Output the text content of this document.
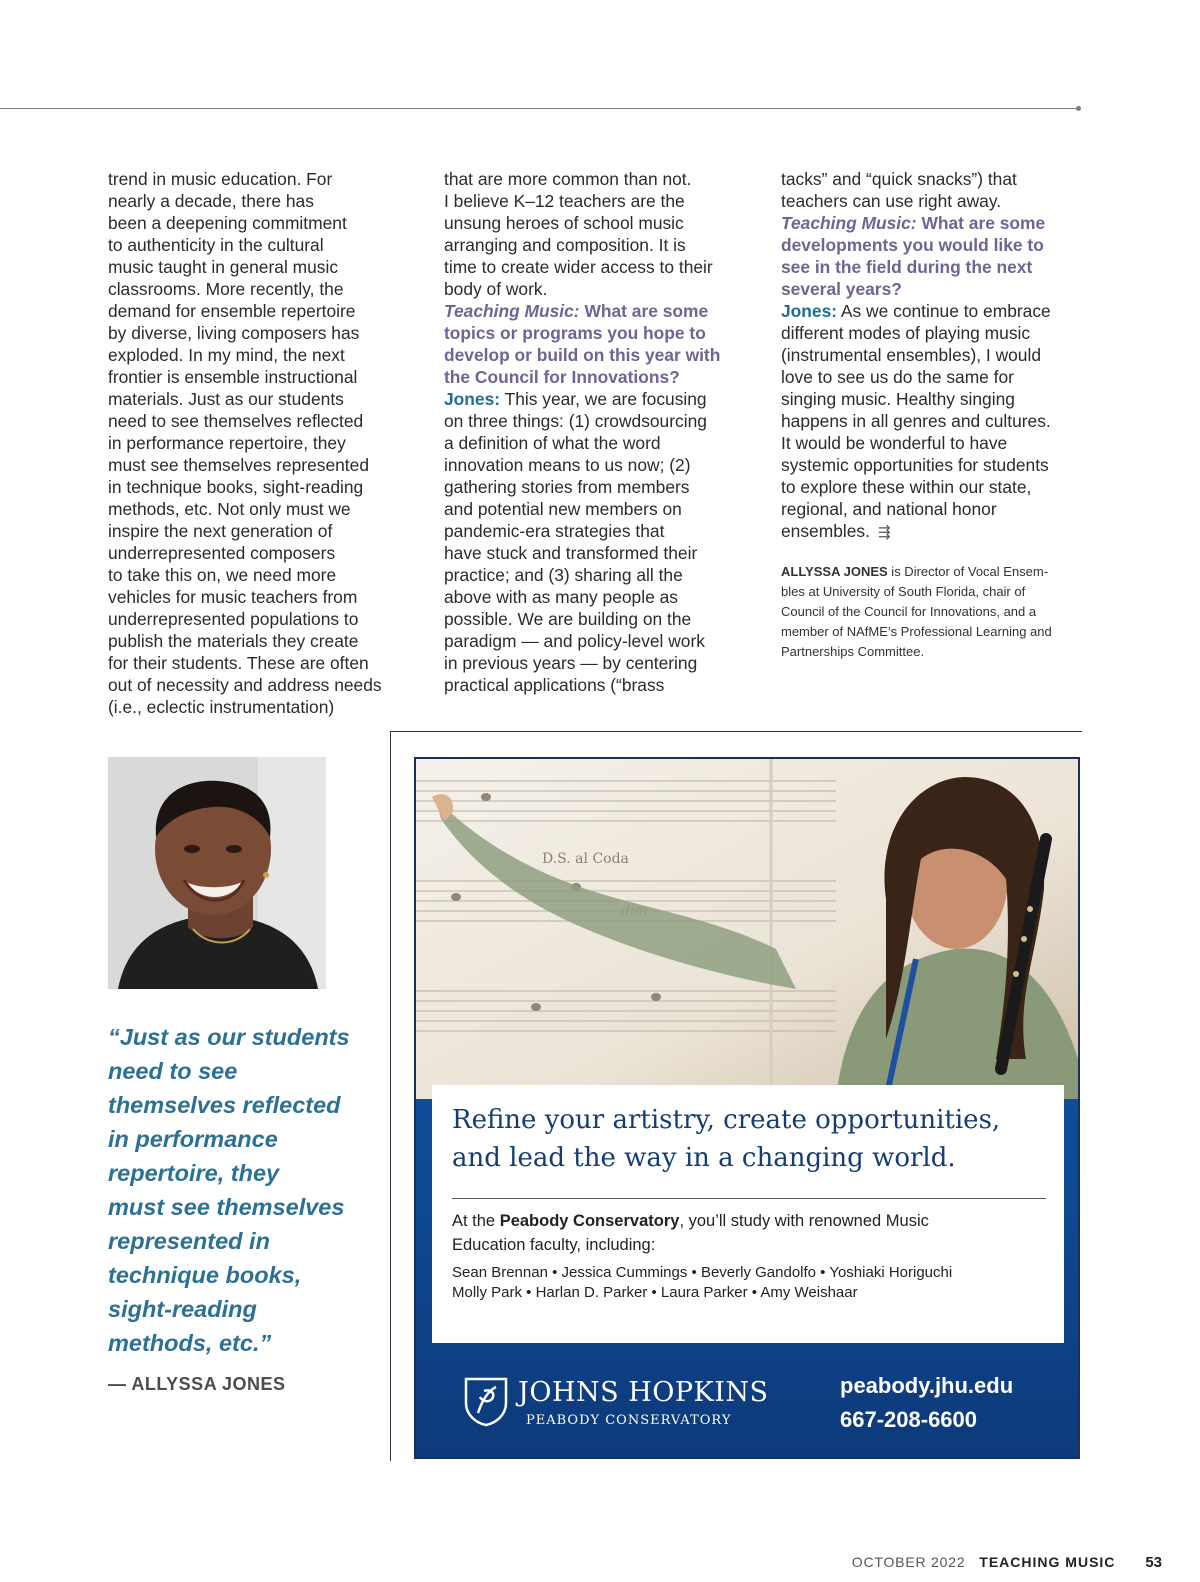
trend in music education. For
nearly a decade, there has
been a deepening commitment
to authenticity in the cultural
music taught in general music
classrooms. More recently, the
demand for ensemble repertoire
by diverse, living composers has
exploded. In my mind, the next
frontier is ensemble instructional
materials. Just as our students
need to see themselves reflected
in performance repertoire, they
must see themselves represented
in technique books, sight-reading
methods, etc. Not only must we
inspire the next generation of
underrepresented composers
to take this on, we need more
vehicles for music teachers from
underrepresented populations to
publish the materials they create
for their students. These are often
out of necessity and address needs
(i.e., eclectic instrumentation)

that are more common than not.
I believe K–12 teachers are the
unsung heroes of school music
arranging and composition. It is
time to create wider access to their
body of work.

Teaching Music: What are some
topics or programs you hope to
develop or build on this year with
the Council for Innovations?

Jones: This year, we are focusing
on three things: (1) crowdsourcing
a definition of what the word
innovation means to us now; (2)
gathering stories from members
and potential new members on
pandemic-era strategies that
have stuck and transformed their
practice; and (3) sharing all the
above with as many people as
possible. We are building on the
paradigm — and policy-level work
in previous years — by centering
practical applications (“brass

tacks” and “quick snacks”) that
teachers can use right away.

Teaching Music: What are some
developments you would like to
see in the field during the next
several years?

Jones: As we continue to embrace
different modes of playing music
(instrumental ensembles), I would
love to see us do the same for
singing music. Healthy singing
happens in all genres and cultures.
It would be wonderful to have
systemic opportunities for students
to explore these within our state,
regional, and national honor
ensembles. ⇶

ALLYSSA JONES is Director of Vocal Ensem-
bles at University of South Florida, chair of
Council of the Council for Innovations, and a
member of NAfME’s Professional Learning and
Partnerships Committee.
“Just as our students
need to see
themselves reflected
in performance
repertoire, they
must see themselves
represented in
technique books,
sight-reading
methods, etc.”
— ALLYSSA JONES
D.S. al Coda
Refine your artistry, create opportunities,
and lead the way in a changing world.
At the Peabody Conservatory, you’ll study with renowned Music
Education faculty, including:
Sean Brennan • Jessica Cummings • Beverly Gandolfo • Yoshiaki Horiguchi
Molly Park • Harlan D. Parker • Laura Parker • Amy Weishaar
JOHNS HOPKINS
PEABODY CONSERVATORY
peabody.jhu.edu
667-208-6600
OCTOBER 2022 TEACHING MUSIC 53
